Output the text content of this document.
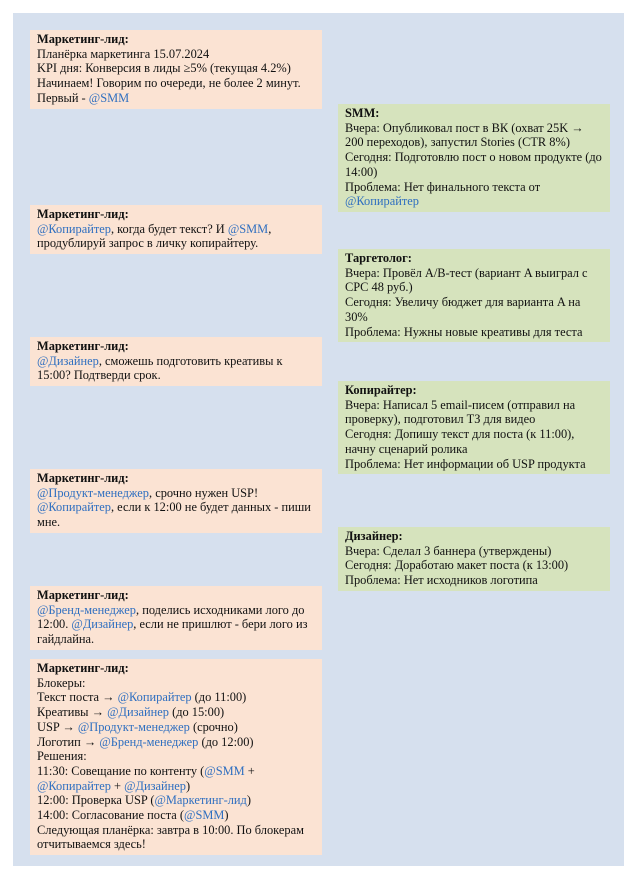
Маркетинг-лид:
Планёрка маркетинга 15.07.2024
KPI дня: Конверсия в лиды ≥5% (текущая 4.2%)
Начинаем! Говорим по очереди, не более 2 минут.
Первый - @SMM
SMM:
Вчера: Опубликовал пост в ВК (охват 25K → 200 переходов), запустил Stories (CTR 8%)
Сегодня: Подготовлю пост о новом продукте (до 14:00)
Проблема: Нет финального текста от @Копирайтер
Маркетинг-лид:
@Копирайтер, когда будет текст? И @SMM, продублируй запрос в личку копирайтеру.
Таргетолог:
Вчера: Провёл A/B-тест (вариант A выиграл с CPC 48 руб.)
Сегодня: Увеличу бюджет для варианта A на 30%
Проблема: Нужны новые креативы для теста
Маркетинг-лид:
@Дизайнер, сможешь подготовить креативы к 15:00? Подтверди срок.
Копирайтер:
Вчера: Написал 5 email-писем (отправил на проверку), подготовил ТЗ для видео
Сегодня: Допишу текст для поста (к 11:00), начну сценарий ролика
Проблема: Нет информации об USP продукта
Маркетинг-лид:
@Продукт-менеджер, срочно нужен USP!
@Копирайтер, если к 12:00 не будет данных - пиши мне.
Дизайнер:
Вчера: Сделал 3 баннера (утверждены)
Сегодня: Доработаю макет поста (к 13:00)
Проблема: Нет исходников логотипа
Маркетинг-лид:
@Бренд-менеджер, поделись исходниками лого до 12:00. @Дизайнер, если не пришлют - бери лого из гайдлайна.
Маркетинг-лид:
Блокеры:
Текст поста → @Копирайтер (до 11:00)
Креативы → @Дизайнер (до 15:00)
USP → @Продукт-менеджер (срочно)
Логотип → @Бренд-менеджер (до 12:00)
Решения:
11:30: Совещание по контенту (@SMM + @Копирайтер + @Дизайнер)
12:00: Проверка USP (@Маркетинг-лид)
14:00: Согласование поста (@SMM)
Следующая планёрка: завтра в 10:00. По блокерам отчитываемся здесь!
